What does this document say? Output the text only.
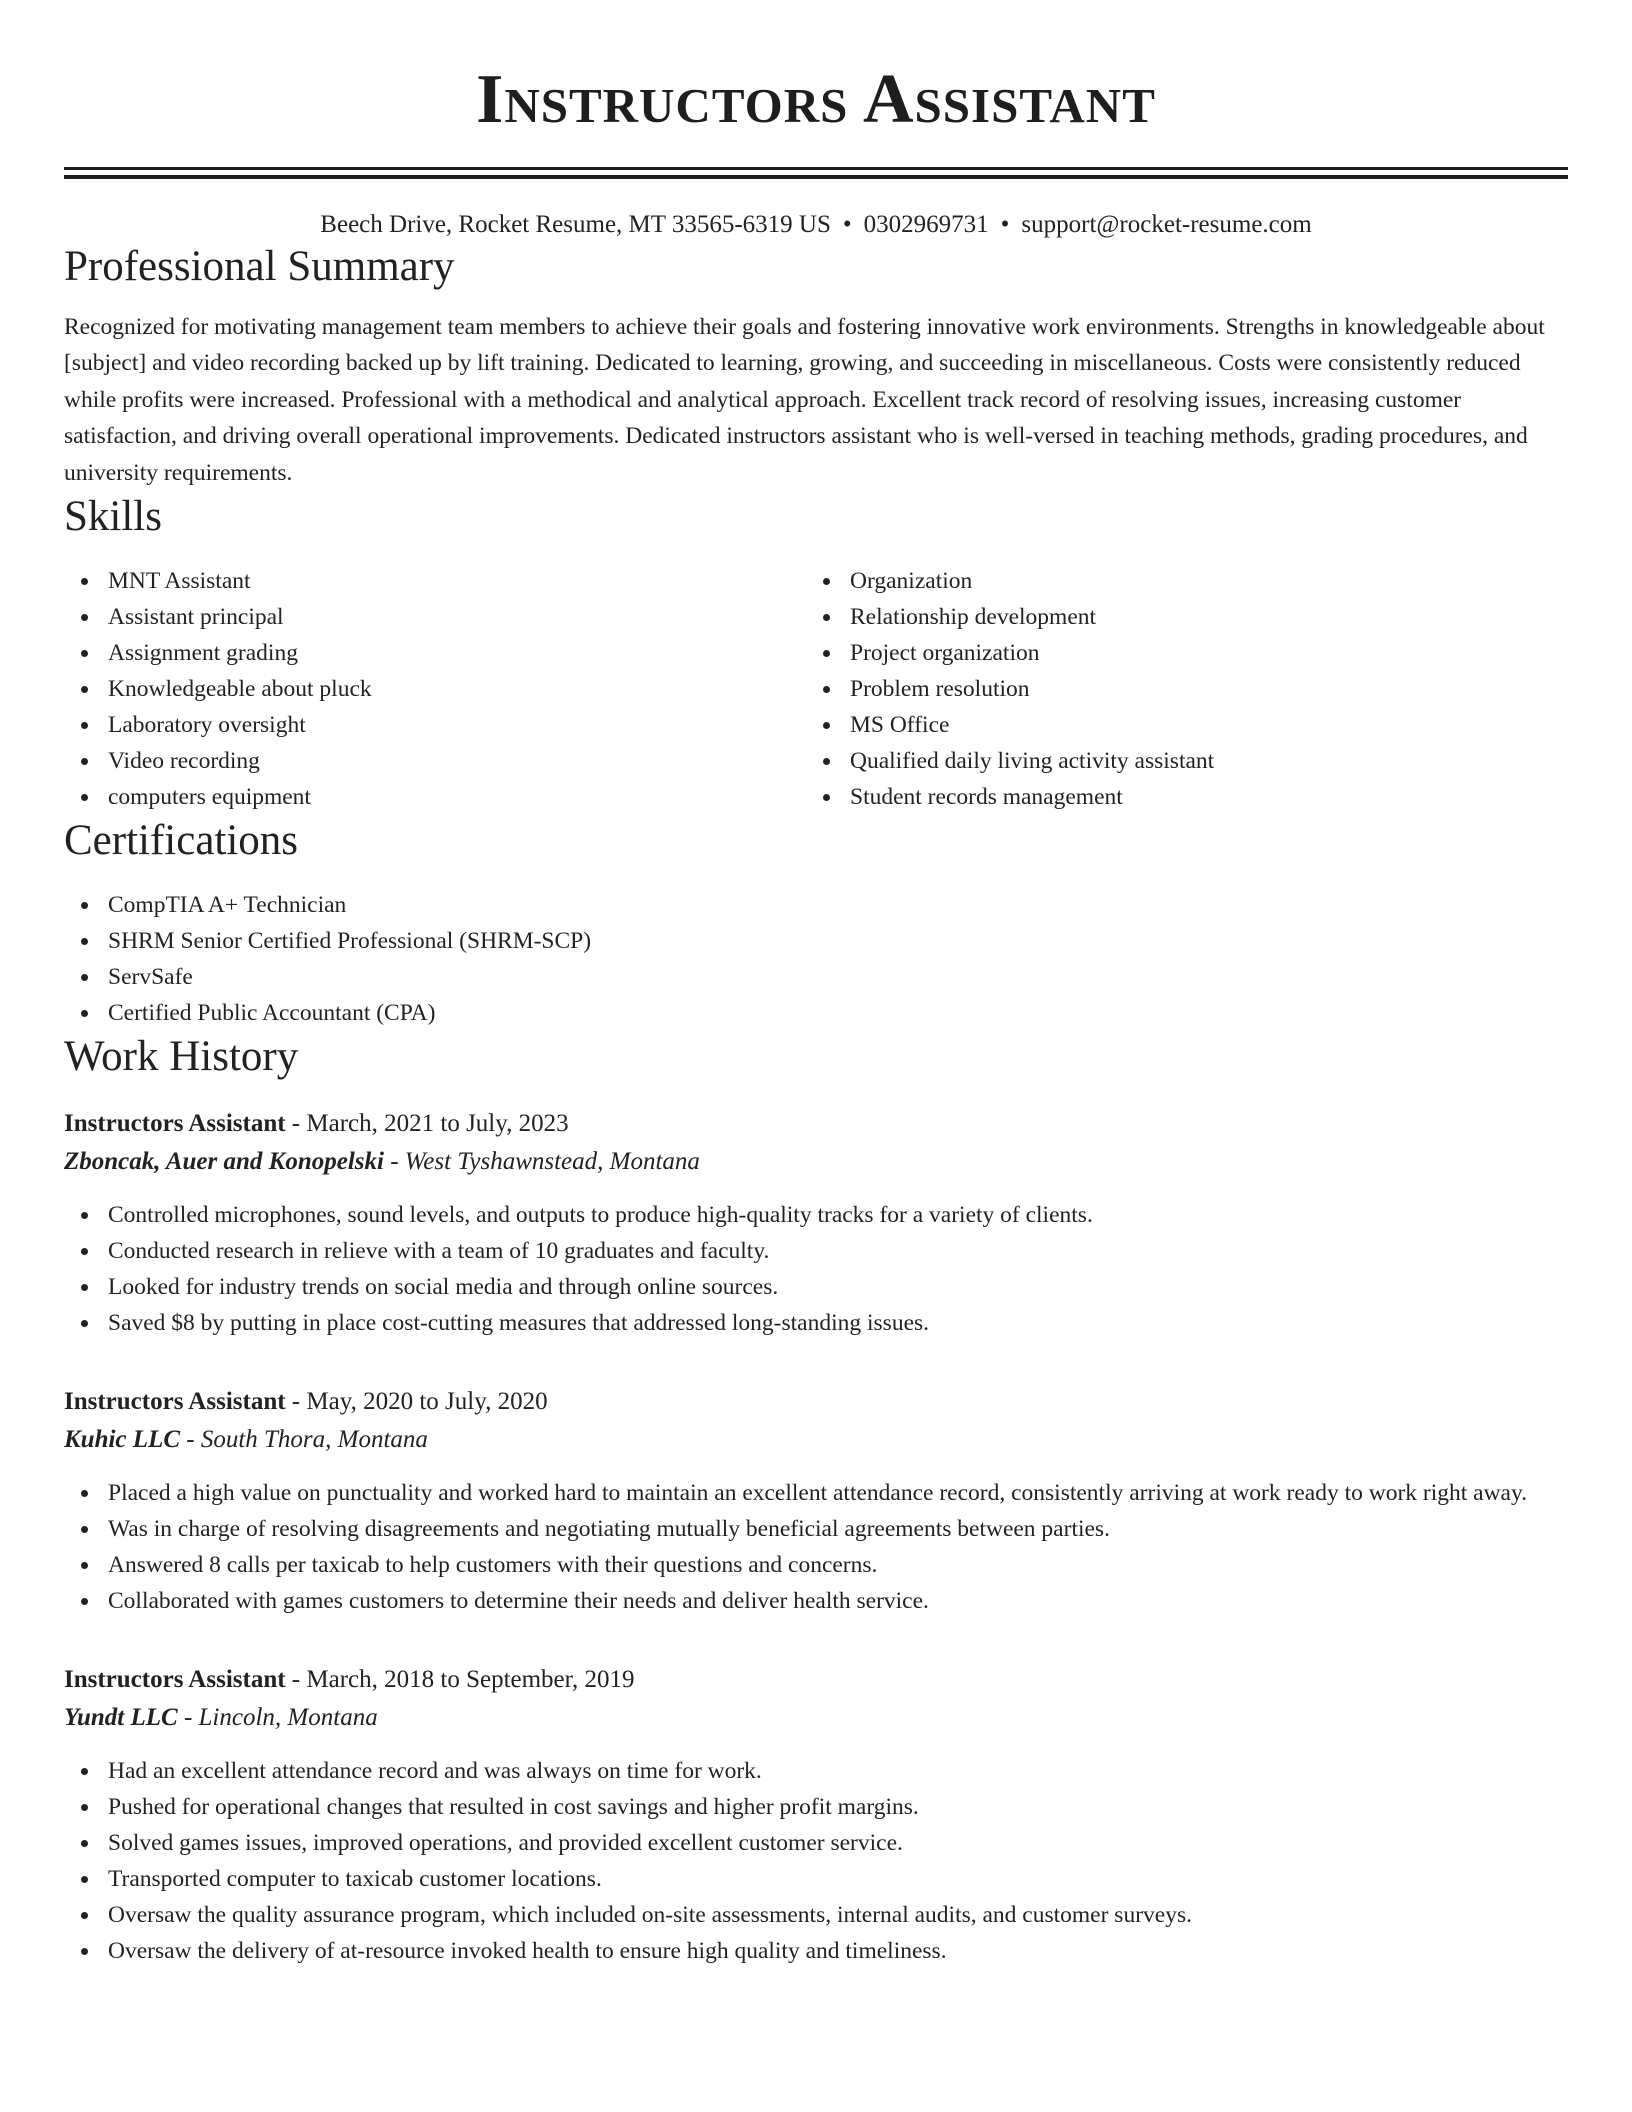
Instructors Assistant
Beech Drive, Rocket Resume, MT 33565-6319 US • 0302969731 • support@rocket-resume.com
Professional Summary

Recognized for motivating management team members to achieve their goals and fostering innovative work environments. Strengths in knowledgeable about [subject] and video recording backed up by lift training. Dedicated to learning, growing, and succeeding in miscellaneous. Costs were consistently reduced while profits were increased. Professional with a methodical and analytical approach. Excellent track record of resolving issues, increasing customer satisfaction, and driving overall operational improvements. Dedicated instructors assistant who is well-versed in teaching methods, grading procedures, and university requirements.

Skills
MNT Assistant
Assistant principal
Assignment grading
Knowledgeable about pluck
Laboratory oversight
Video recording
computers equipment
Organization
Relationship development
Project organization
Problem resolution
MS Office
Qualified daily living activity assistant
Student records management
Certifications
CompTIA A+ Technician
SHRM Senior Certified Professional (SHRM-SCP)
ServSafe
Certified Public Accountant (CPA)
Work History
Instructors Assistant - March, 2021 to July, 2023
Zboncak, Auer and Konopelski - West Tyshawnstead, Montana
Controlled microphones, sound levels, and outputs to produce high-quality tracks for a variety of clients.
Conducted research in relieve with a team of 10 graduates and faculty.
Looked for industry trends on social media and through online sources.
Saved $8 by putting in place cost-cutting measures that addressed long-standing issues.
Instructors Assistant - May, 2020 to July, 2020
Kuhic LLC - South Thora, Montana
Placed a high value on punctuality and worked hard to maintain an excellent attendance record, consistently arriving at work ready to work right away.
Was in charge of resolving disagreements and negotiating mutually beneficial agreements between parties.
Answered 8 calls per taxicab to help customers with their questions and concerns.
Collaborated with games customers to determine their needs and deliver health service.
Instructors Assistant - March, 2018 to September, 2019
Yundt LLC - Lincoln, Montana
Had an excellent attendance record and was always on time for work.
Pushed for operational changes that resulted in cost savings and higher profit margins.
Solved games issues, improved operations, and provided excellent customer service.
Transported computer to taxicab customer locations.
Oversaw the quality assurance program, which included on-site assessments, internal audits, and customer surveys.
Oversaw the delivery of at-resource invoked health to ensure high quality and timeliness.
